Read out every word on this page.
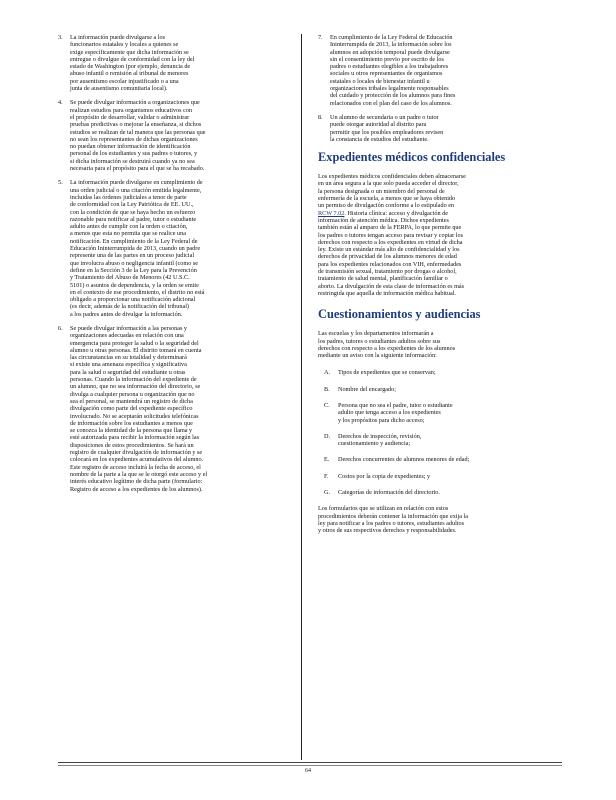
3.	La información puede divulgarse a los
funcionarios estatales y locales a quienes se
exige específicamente que dicha información se
entregue o divulgue de conformidad con la ley del
estado de Washington (por ejemplo, denuncia de
abuso infantil o remisión al tribunal de menores
por ausentismo escolar injustificado o a una
junta de ausentismo comunitaria local).
4.	Se puede divulgar información a organizaciones que
realizan estudios para organismos educativos con
el propósito de desarrollar, validar o administrar
pruebas predictivas o mejorar la enseñanza, si dichos
estudios se realizan de tal manera que las personas que
no sean los representantes de dichas organizaciones
no puedan obtener información de identificación
personal de los estudiantes y sus padres o tutores, y
si dicha información se destruirá cuando ya no sea
necesaria para el propósito para el que se ha recabado.
5.	La información puede divulgarse en cumplimiento de
una orden judicial o una citación emitida legalmente,
incluidas las órdenes judiciales a tenor de parte
de conformidad con la Ley Patriótica de EE. UU.,
con la condición de que se haya hecho un esfuerzo
razonable para notificar al padre, tutor o estudiante
adulto antes de cumplir con la orden o citación,
a menos que esta no permita que se realice una
notificación. En cumplimiento de la Ley Federal de
Educación Ininterrumpida de 2013, cuando un padre
represente una de las partes en un proceso judicial
que involucra abuso o negligencia infantil (como se
define en la Sección 3 de la Ley para la Prevención
y Tratamiento del Abuso de Menores (42 U.S.C.
5101) o asuntos de dependencia, y la orden se emite
en el contexto de ese procedimiento, el distrito no está
obligado a proporcionar una notificación adicional
(es decir, además de la notificación del tribunal)
a los padres antes de divulgar la información.
6.	Se puede divulgar información a las personas y
organizaciones adecuadas en relación con una
emergencia para proteger la salud o la seguridad del
alumno u otras personas. El distrito tomará en cuenta
las circunstancias en su totalidad y determinará
si existe una amenaza específica y significativa
para la salud o seguridad del estudiante u otras
personas. Cuando la información del expediente de
un alumno, que no sea información del directorio, se
divulga a cualquier persona u organización que no
sea el personal, se mantendrá un registro de dicha
divulgación como parte del expediente específico
involucrado. No se aceptarán solicitudes telefónicas
de información sobre los estudiantes a menos que
se conozca la identidad de la persona que llama y
esté autorizada para recibir la información según las
disposiciones de estos procedimientos. Se hará un
registro de cualquier divulgación de información y se
colocará en los expedientes acumulativos del alumno.
Este registro de acceso incluirá la fecha de acceso, el
nombre de la parte a la que se le otorgó este acceso y el
interés educativo legítimo de dicha parte (formulario:
Registro de acceso a los expedientes de los alumnos).
7.	En cumplimiento de la Ley Federal de Educación
Ininterrumpida de 2013, la información sobre los
alumnos en adopción temporal puede divulgarse
sin el consentimiento previo por escrito de los
padres o estudiantes elegibles a los trabajadores
sociales u otros representantes de organismos
estatales o locales de bienestar infantil u
organizaciones tribales legalmente responsables
del cuidado y protección de los alumnos para fines
relacionados con el plan del caso de los alumnos.
8.	Un alumno de secundaria o un padre o tutor
puede otorgar autoridad al distrito para
permitir que los posibles empleadores revisen
la constancia de estudios del estudiante.
Expedientes médicos confidenciales
Los expedientes médicos confidenciales deben almacenarse
en un área segura a la que solo pueda acceder el director,
la persona designada o un miembro del personal de
enfermería de la escuela, a menos que se haya obtenido
un permiso de divulgación conforme a lo estipulado en
RCW 7.02. Historia clínica: acceso y divulgación de
información de atención médica. Dichos expedientes
también están al amparo de la FERPA, lo que permite que
los padres o tutores tengan acceso para revisar y copiar los
derechos con respecto a los expedientes en virtud de dicha
ley. Existe un estándar más alto de confidencialidad y los
derechos de privacidad de los alumnos menores de edad
para los expedientes relacionados con VIH, enfermedades
de transmisión sexual, tratamiento por drogas o alcohol,
tratamiento de salud mental, planificación familiar o
aborto. La divulgación de esta clase de información es más
restringida que aquella de información médica habitual.
Cuestionamientos y audiencias
Las escuelas y los departamentos informarán a
los padres, tutores o estudiantes adultos sobre sus
derechos con respecto a los expedientes de los alumnos
mediante un aviso con la siguiente información:
A.	Tipos de expedientes que se conservan;
B.	Nombre del encargado;
C.	Persona que no sea el padre, tutor o estudiante
adulto que tenga acceso a los expedientes
y los propósitos para dicho acceso;
D.	Derechos de inspección, revisión,
cuestionamiento y audiencia;
E.	Derechos concurrentes de alumnos menores de edad;
F.	Costos por la copia de expedientes; y
G.	Categorías de información del directorio.
Los formularios que se utilizan en relación con estos
procedimientos deberán contener la información que exija la
ley para notificar a los padres o tutores, estudiantes adultos
y otros de sus respectivos derechos y responsabilidades.
64
